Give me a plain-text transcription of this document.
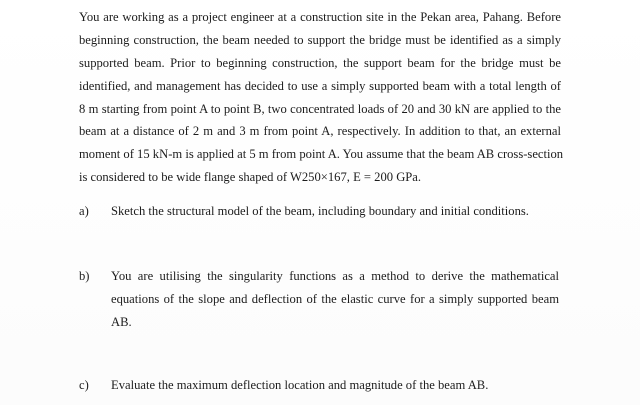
You are working as a project engineer at a construction site in the Pekan area, Pahang. Before
beginning construction, the beam needed to support the bridge must be identified as a simply
supported beam. Prior to beginning construction, the support beam for the bridge must be
identified, and management has decided to use a simply supported beam with a total length of
8 m starting from point A to point B, two concentrated loads of 20 and 30 kN are applied to the
beam at a distance of 2 m and 3 m from point A, respectively. In addition to that, an external
moment of 15 kN-m is applied at 5 m from point A. You assume that the beam AB cross-section
is considered to be wide flange shaped of W250×167, E = 200 GPa.
a)	Sketch the structural model of the beam, including boundary and initial conditions.
b)	You are utilising the singularity functions as a method to derive the mathematical
equations of the slope and deflection of the elastic curve for a simply supported beam
AB.
c)	Evaluate the maximum deflection location and magnitude of the beam AB.
